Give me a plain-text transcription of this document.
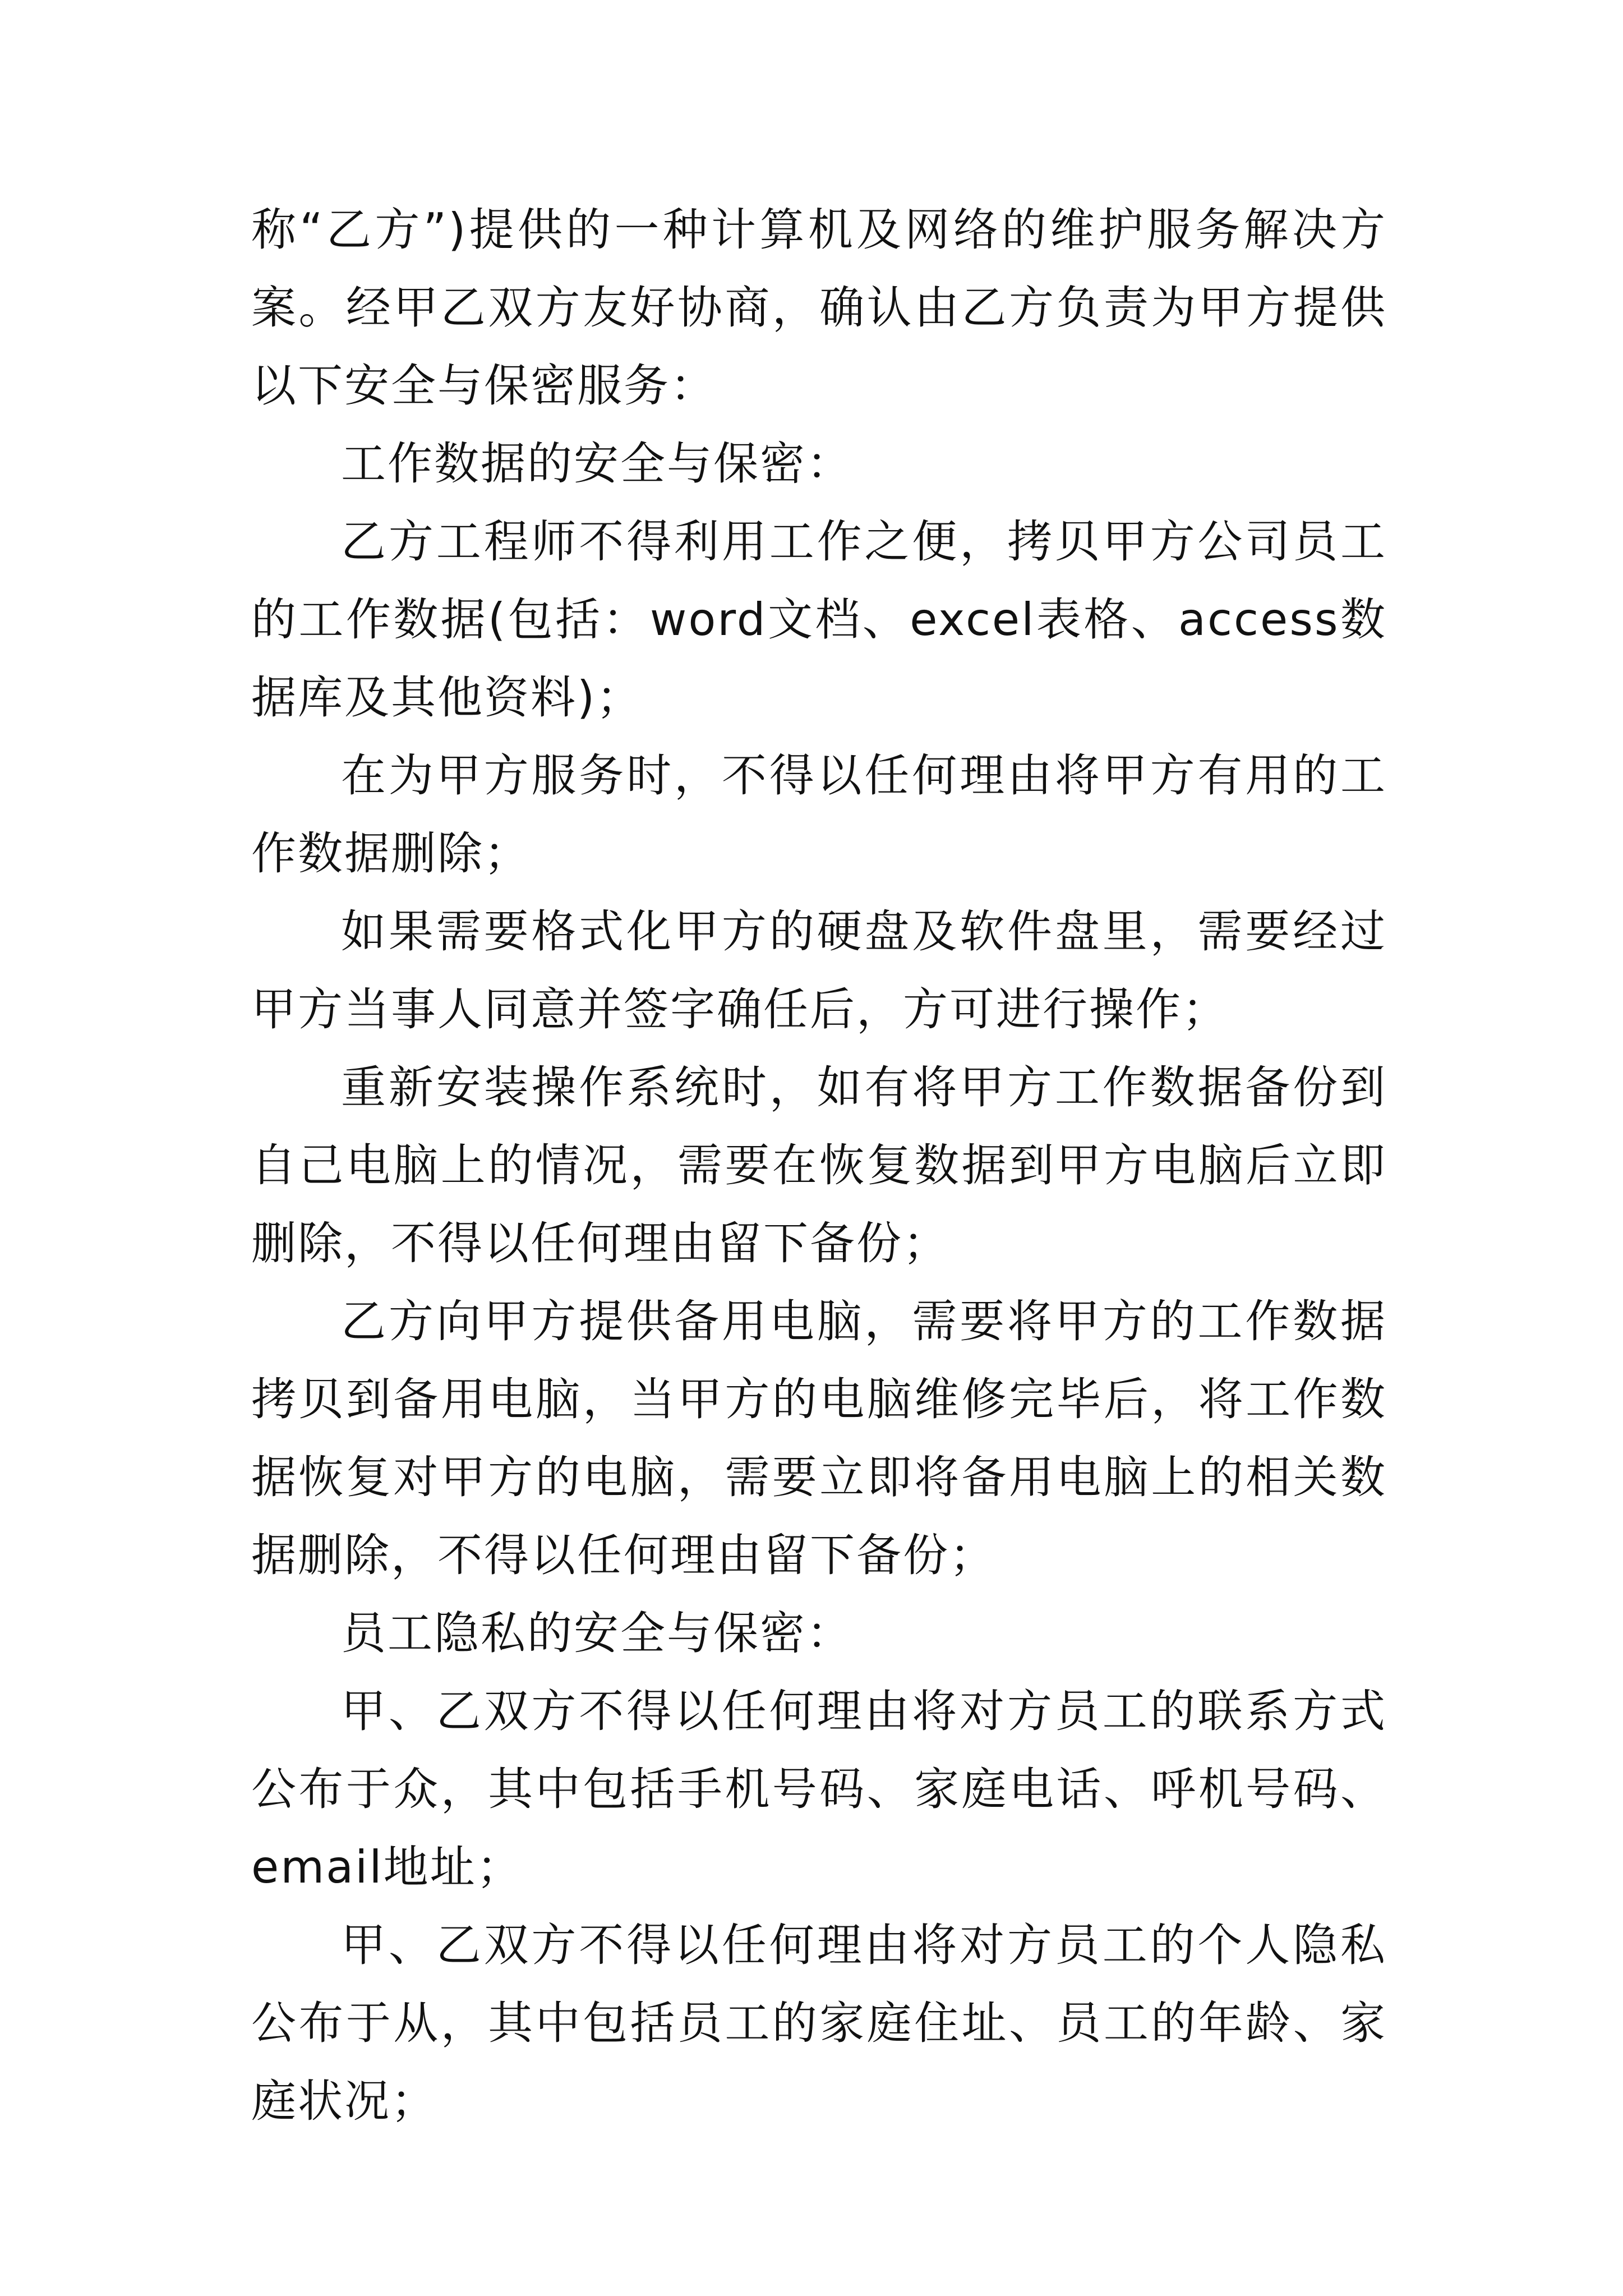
称“乙方”)提供的一种计算机及网络的维护服务解决方案。经甲乙双方友好协商，确认由乙方负责为甲方提供以下安全与保密服务：

工作数据的安全与保密：

乙方工程师不得利用工作之便，拷贝甲方公司员工的工作数据(包括：word文档、excel表格、access数据库及其他资料)；

在为甲方服务时，不得以任何理由将甲方有用的工作数据删除；

如果需要格式化甲方的硬盘及软件盘里，需要经过甲方当事人同意并签字确任后，方可进行操作；

重新安装操作系统时，如有将甲方工作数据备份到自己电脑上的情况，需要在恢复数据到甲方电脑后立即删除，不得以任何理由留下备份；

乙方向甲方提供备用电脑，需要将甲方的工作数据拷贝到备用电脑，当甲方的电脑维修完毕后，将工作数据恢复对甲方的电脑，需要立即将备用电脑上的相关数据删除，不得以任何理由留下备份；

员工隐私的安全与保密：

甲、乙双方不得以任何理由将对方员工的联系方式公布于众，其中包括手机号码、家庭电话、呼机号码、email地址；

甲、乙双方不得以任何理由将对方员工的个人隐私公布于从，其中包括员工的家庭住址、员工的年龄、家庭状况；
